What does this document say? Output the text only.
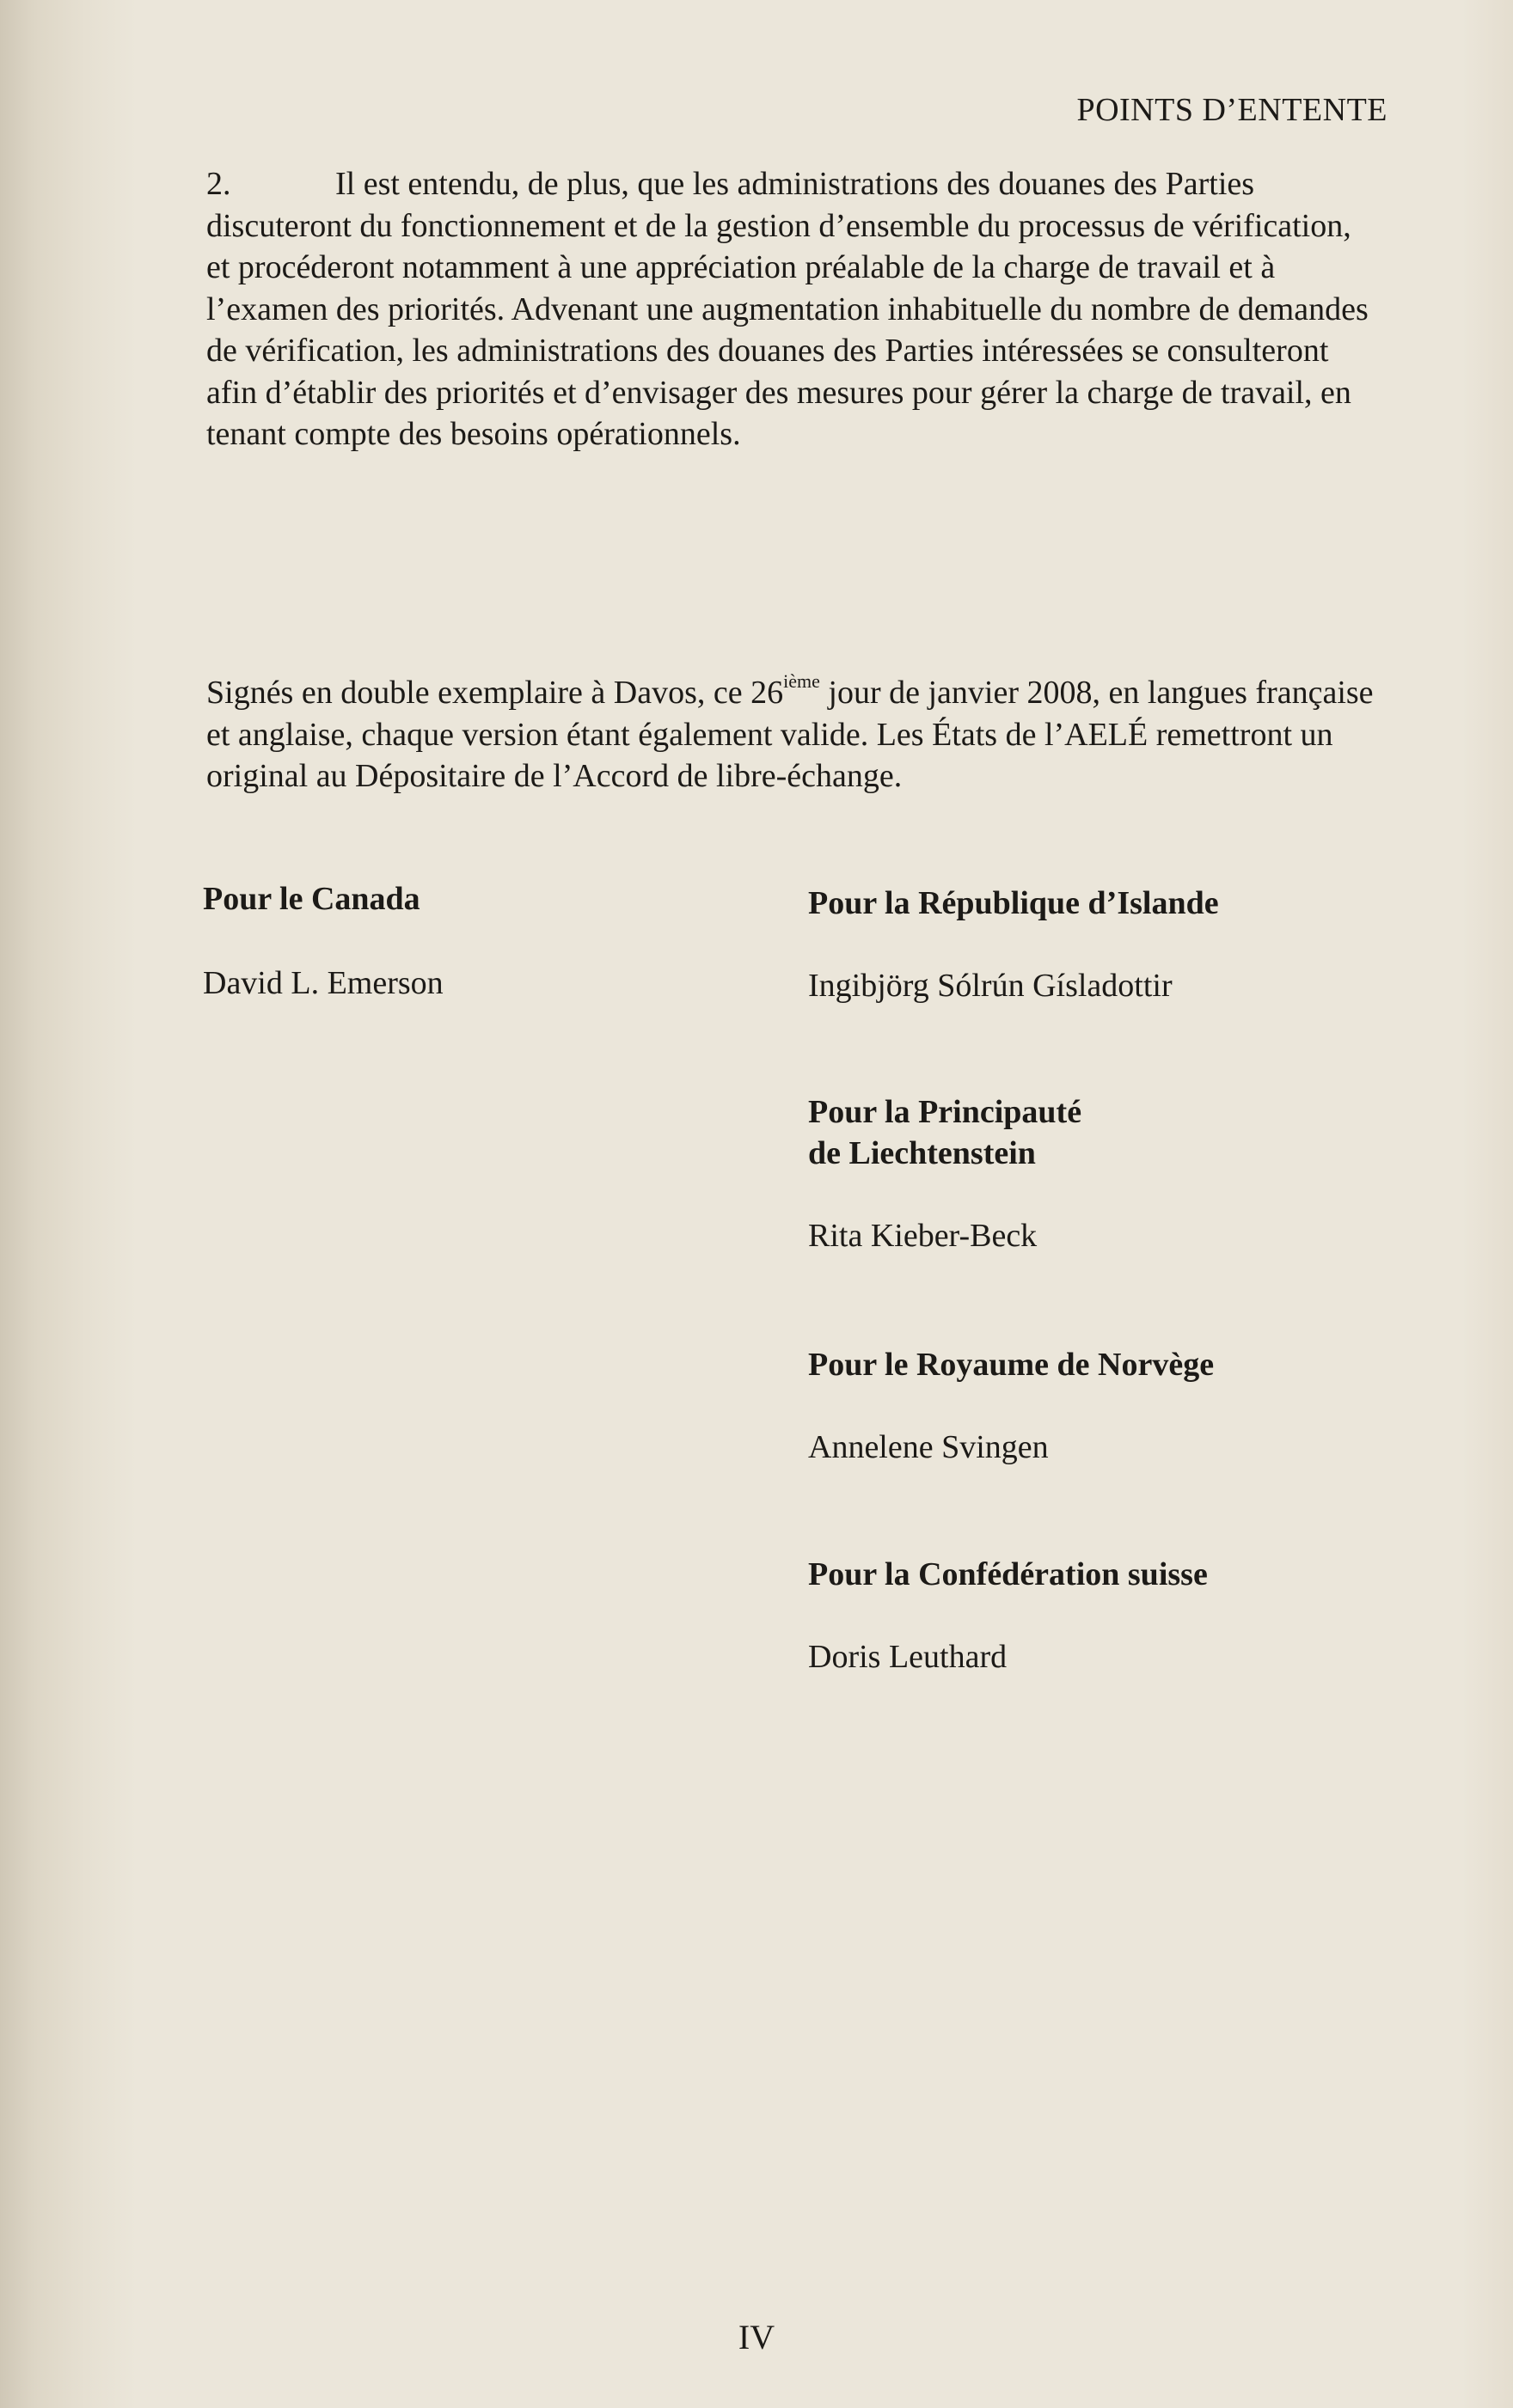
POINTS D’ENTENTE
2.	Il est entendu, de plus, que les administrations des douanes des Parties discuteront du fonctionnement et de la gestion d’ensemble du processus de vérification, et procéderont notamment à une appréciation préalable de la charge de travail et à l’examen des priorités. Advenant une augmentation inhabituelle du nombre de demandes de vérification, les administrations des douanes des Parties intéressées se consulteront afin d’établir des priorités et d’envisager des mesures pour gérer la charge de travail, en tenant compte des besoins opérationnels.
Signés en double exemplaire à Davos, ce 26ième jour de janvier 2008, en langues française et anglaise, chaque version étant également valide. Les États de l’AELÉ remettront un original au Dépositaire de l’Accord de libre-échange.
Pour le Canada
David L. Emerson
Pour la République d’Islande
Ingibjörg Sólrún Gísladottir
Pour la Principauté
de Liechtenstein
Rita Kieber-Beck
Pour le Royaume de Norvège
Annelene Svingen
Pour la Confédération suisse
Doris Leuthard
IV
